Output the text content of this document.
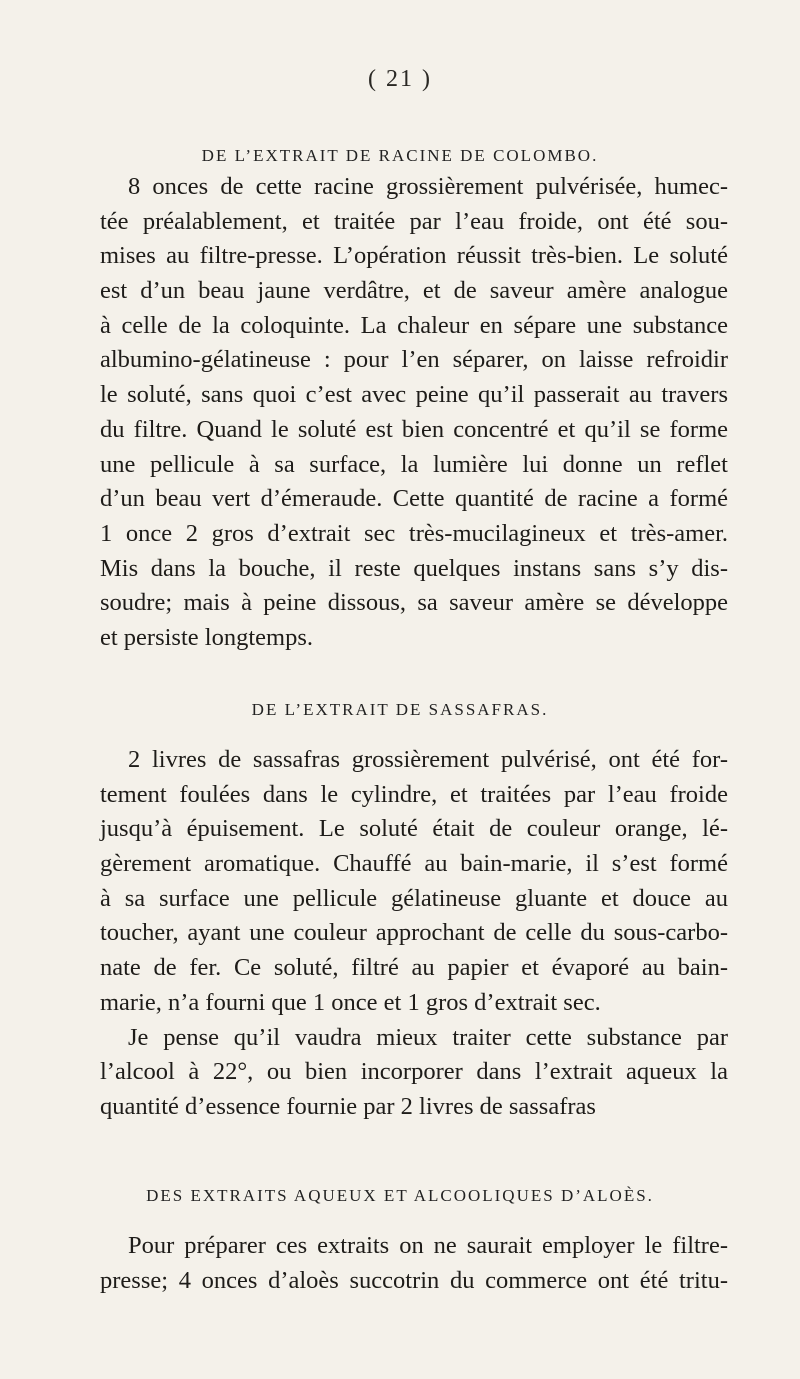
( 21 )
DE L’EXTRAIT DE RACINE DE COLOMBO.
8 onces de cette racine grossièrement pulvérisée, humec-
tée préalablement, et traitée par l’eau froide, ont été sou-
mises au filtre-presse. L’opération réussit très-bien. Le soluté
est d’un beau jaune verdâtre, et de saveur amère analogue
à celle de la coloquinte. La chaleur en sépare une substance
albumino-gélatineuse : pour l’en séparer, on laisse refroidir
le soluté, sans quoi c’est avec peine qu’il passerait au travers
du filtre. Quand le soluté est bien concentré et qu’il se forme
une pellicule à sa surface, la lumière lui donne un reflet
d’un beau vert d’émeraude. Cette quantité de racine a formé
1 once 2 gros d’extrait sec très-mucilagineux et très-amer.
Mis dans la bouche, il reste quelques instans sans s’y dis-
soudre; mais à peine dissous, sa saveur amère se développe
et persiste longtemps.
DE L’EXTRAIT DE SASSAFRAS.
2 livres de sassafras grossièrement pulvérisé, ont été for-
tement foulées dans le cylindre, et traitées par l’eau froide
jusqu’à épuisement. Le soluté était de couleur orange, lé-
gèrement aromatique. Chauffé au bain-marie, il s’est formé
à sa surface une pellicule gélatineuse gluante et douce au
toucher, ayant une couleur approchant de celle du sous-carbo-
nate de fer. Ce soluté, filtré au papier et évaporé au bain-
marie, n’a fourni que 1 once et 1 gros d’extrait sec.
Je pense qu’il vaudra mieux traiter cette substance par
l’alcool à 22°, ou bien incorporer dans l’extrait aqueux la
quantité d’essence fournie par 2 livres de sassafras
DES EXTRAITS AQUEUX ET ALCOOLIQUES D’ALOÈS.
Pour préparer ces extraits on ne saurait employer le filtre-
presse; 4 onces d’aloès succotrin du commerce ont été tritu-
